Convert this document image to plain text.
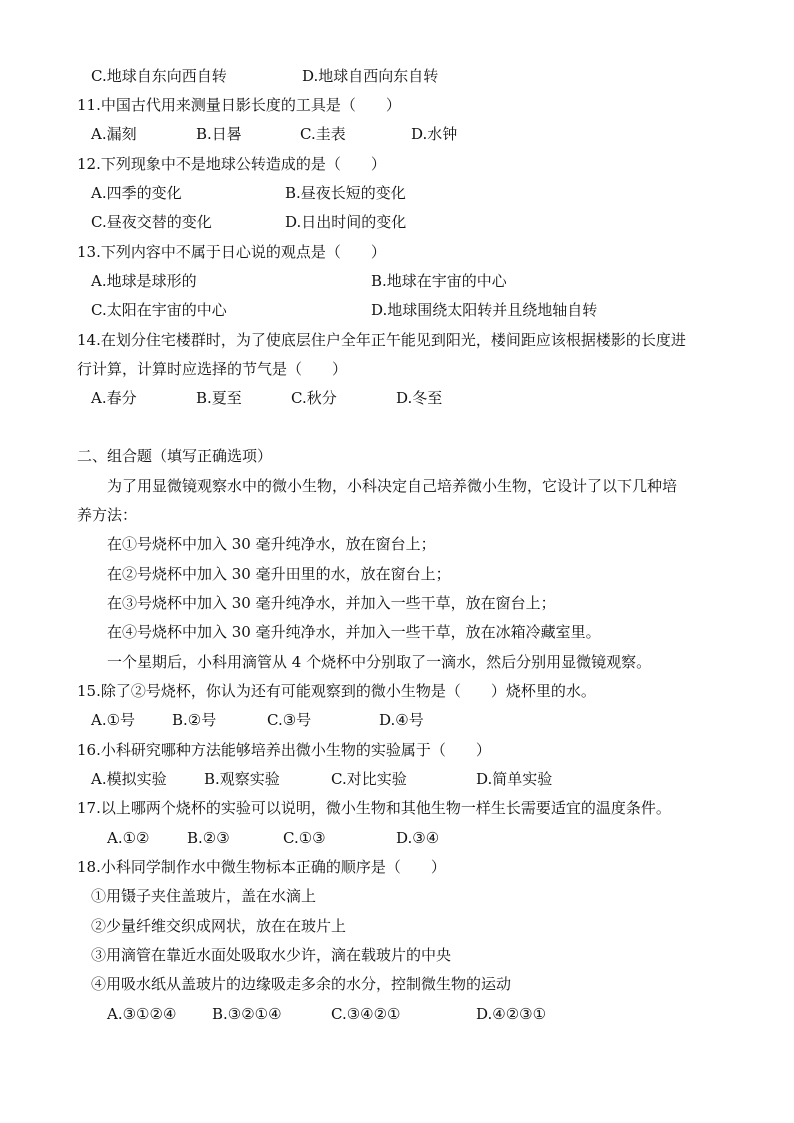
C.地球自东向西自转	D.地球自西向东自转
11.中国古代用来测量日影长度的工具是（　　）
A.漏刻	B.日晷	C.圭表	D.水钟
12.下列现象中不是地球公转造成的是（　　）
A.四季的变化	B.昼夜长短的变化
C.昼夜交替的变化	D.日出时间的变化
13.下列内容中不属于日心说的观点是（　　）
A.地球是球形的	B.地球在宇宙的中心
C.太阳在宇宙的中心	D.地球围绕太阳转并且绕地轴自转
14.在划分住宅楼群时，为了使底层住户全年正午能见到阳光，楼间距应该根据楼影的长度进
行计算，计算时应选择的节气是（　　）
A.春分	B.夏至	C.秋分	D.冬至
二、组合题（填写正确选项）
为了用显微镜观察水中的微小生物，小科决定自己培养微小生物，它设计了以下几种培
养方法：
在①号烧杯中加入 30 毫升纯净水，放在窗台上；
在②号烧杯中加入 30 毫升田里的水，放在窗台上；
在③号烧杯中加入 30 毫升纯净水，并加入一些干草，放在窗台上；
在④号烧杯中加入 30 毫升纯净水，并加入一些干草，放在冰箱冷藏室里。
一个星期后，小科用滴管从 4 个烧杯中分别取了一滴水，然后分别用显微镜观察。
15.除了②号烧杯，你认为还有可能观察到的微小生物是（　　）烧杯里的水。
A.①号 B.②号	C.③号	D.④号
16.小科研究哪种方法能够培养出微小生物的实验属于（　　）
A.模拟实验 B.观察实验	C.对比实验	D.简单实验
17.以上哪两个烧杯的实验可以说明，微小生物和其他生物一样生长需要适宜的温度条件。
A.①②	B.②③	C.①③	D.③④
18.小科同学制作水中微生物标本正确的顺序是（　　）
①用镊子夹住盖玻片，盖在水滴上
②少量纤维交织成网状，放在在玻片上
③用滴管在靠近水面处吸取水少许，滴在载玻片的中央
④用吸水纸从盖玻片的边缘吸走多余的水分，控制微生物的运动
A.③①②④ B.③②①④	C.③④②①	D.④②③①
